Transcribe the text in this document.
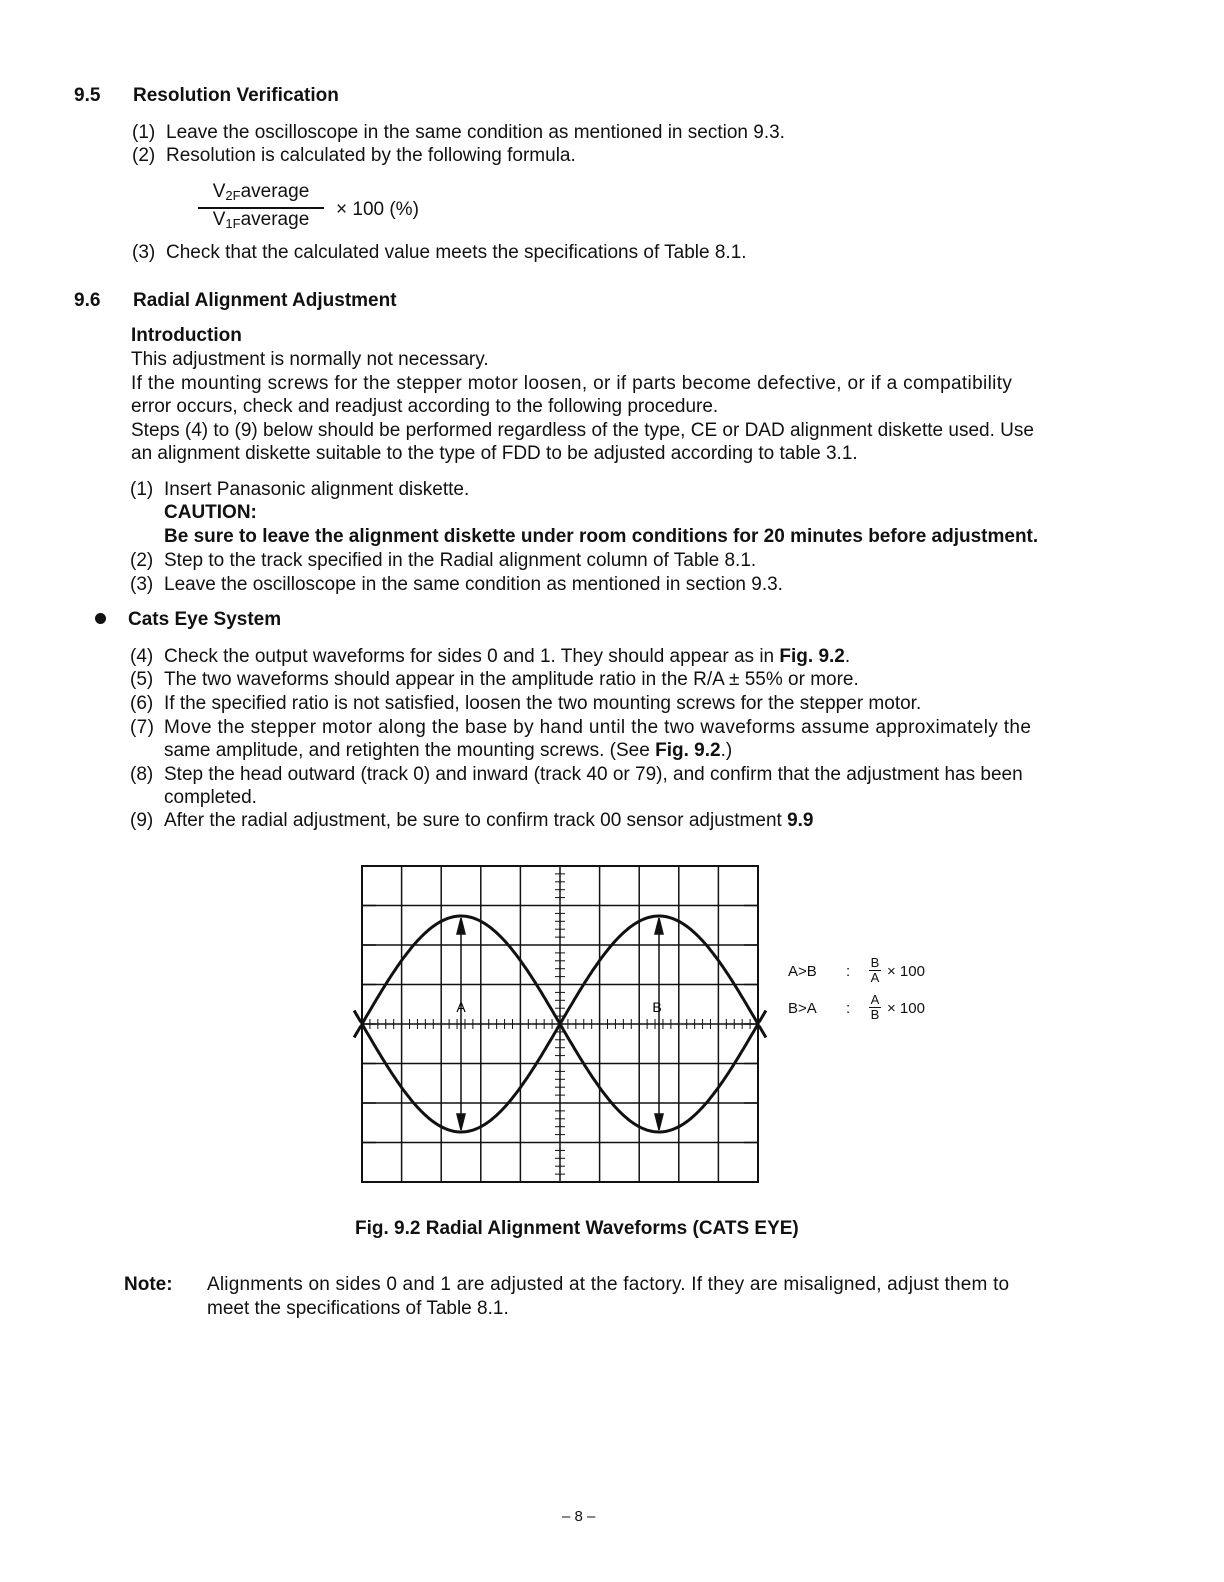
9.5 Resolution Verification
(1) Leave the oscilloscope in the same condition as mentioned in section 9.3.
(2) Resolution is calculated by the following formula.
$V_{2F}average$
$V_{1F}average$	× 100 (%)
(3) Check that the calculated value meets the specifications of Table 8.1.
9.6 Radial Alignment Adjustment
Introduction
This adjustment is normally not necessary.
If the mounting screws for the stepper motor loosen, or if parts become defective, or if a compatibility
error occurs, check and readjust according to the following procedure.
Steps (4) to (9) below should be performed regardless of the type, CE or DAD alignment diskette used. Use
an alignment diskette suitable to the type of FDD to be adjusted according to table 3.1.
(1) Insert Panasonic alignment diskette.
CAUTION:
Be sure to leave the alignment diskette under room conditions for 20 minutes before adjustment.
(2) Step to the track specified in the Radial alignment column of Table 8.1.
(3) Leave the oscilloscope in the same condition as mentioned in section 9.3.
Cats Eye System
(4) Check the output waveforms for sides 0 and 1. They should appear as in Fig. 9.2.
(5) The two waveforms should appear in the amplitude ratio in the R/A ± 55% or more.
(6) If the specified ratio is not satisfied, loosen the two mounting screws for the stepper motor.
(7) Move the stepper motor along the base by hand until the two waveforms assume approximately the
same amplitude, and retighten the mounting screws. (See Fig. 9.2.)
(8) Step the head outward (track 0) and inward (track 40 or 79), and confirm that the adjustment has been
completed.
(9) After the radial adjustment, be sure to confirm track 00 sensor adjustment 9.9
A	B
A>B :
B
A × 100
B>A :
A
B × 100
Fig. 9.2 Radial Alignment Waveforms (CATS EYE)
Note: Alignments on sides 0 and 1 are adjusted at the factory. If they are misaligned, adjust them to
meet the specifications of Table 8.1.
– 8 –
